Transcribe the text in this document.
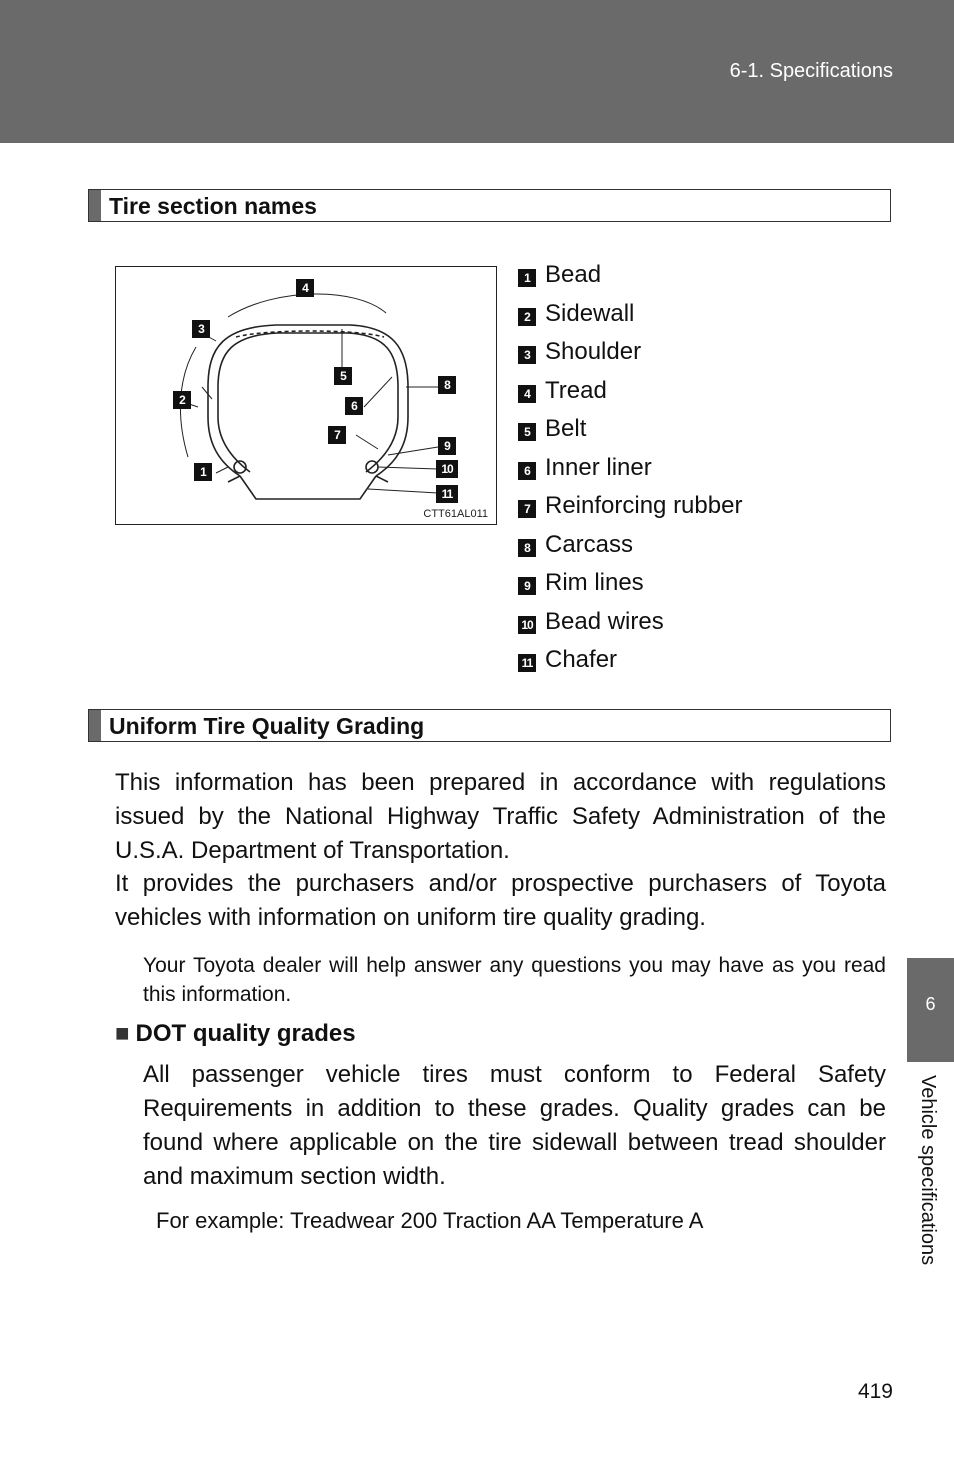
6-1. Specifications
Tire section names
4
3
5
8
2	6
7
9
1	10
11
CTT61AL011
1 Bead
2 Sidewall
3 Shoulder
4 Tread
5 Belt
6 Inner liner
7 Reinforcing rubber
8 Carcass
9 Rim lines
10 Bead wires
11 Chafer
Uniform Tire Quality Grading

This information has been prepared in accordance with regulations issued by the National Highway Traffic Safety Administration of the U.S.A. Department of Transportation.

It provides the purchasers and/or prospective purchasers of Toyota vehicles with information on uniform tire quality grading.

Your Toyota dealer will help answer any questions you may have as you read this information.

■ DOT quality grades

All passenger vehicle tires must conform to Federal Safety Requirements in addition to these grades. Quality grades can be found where applicable on the tire sidewall between tread shoulder and maximum section width.

For example: Treadwear 200 Traction AA Temperature A
6
Vehicle specifications
419
